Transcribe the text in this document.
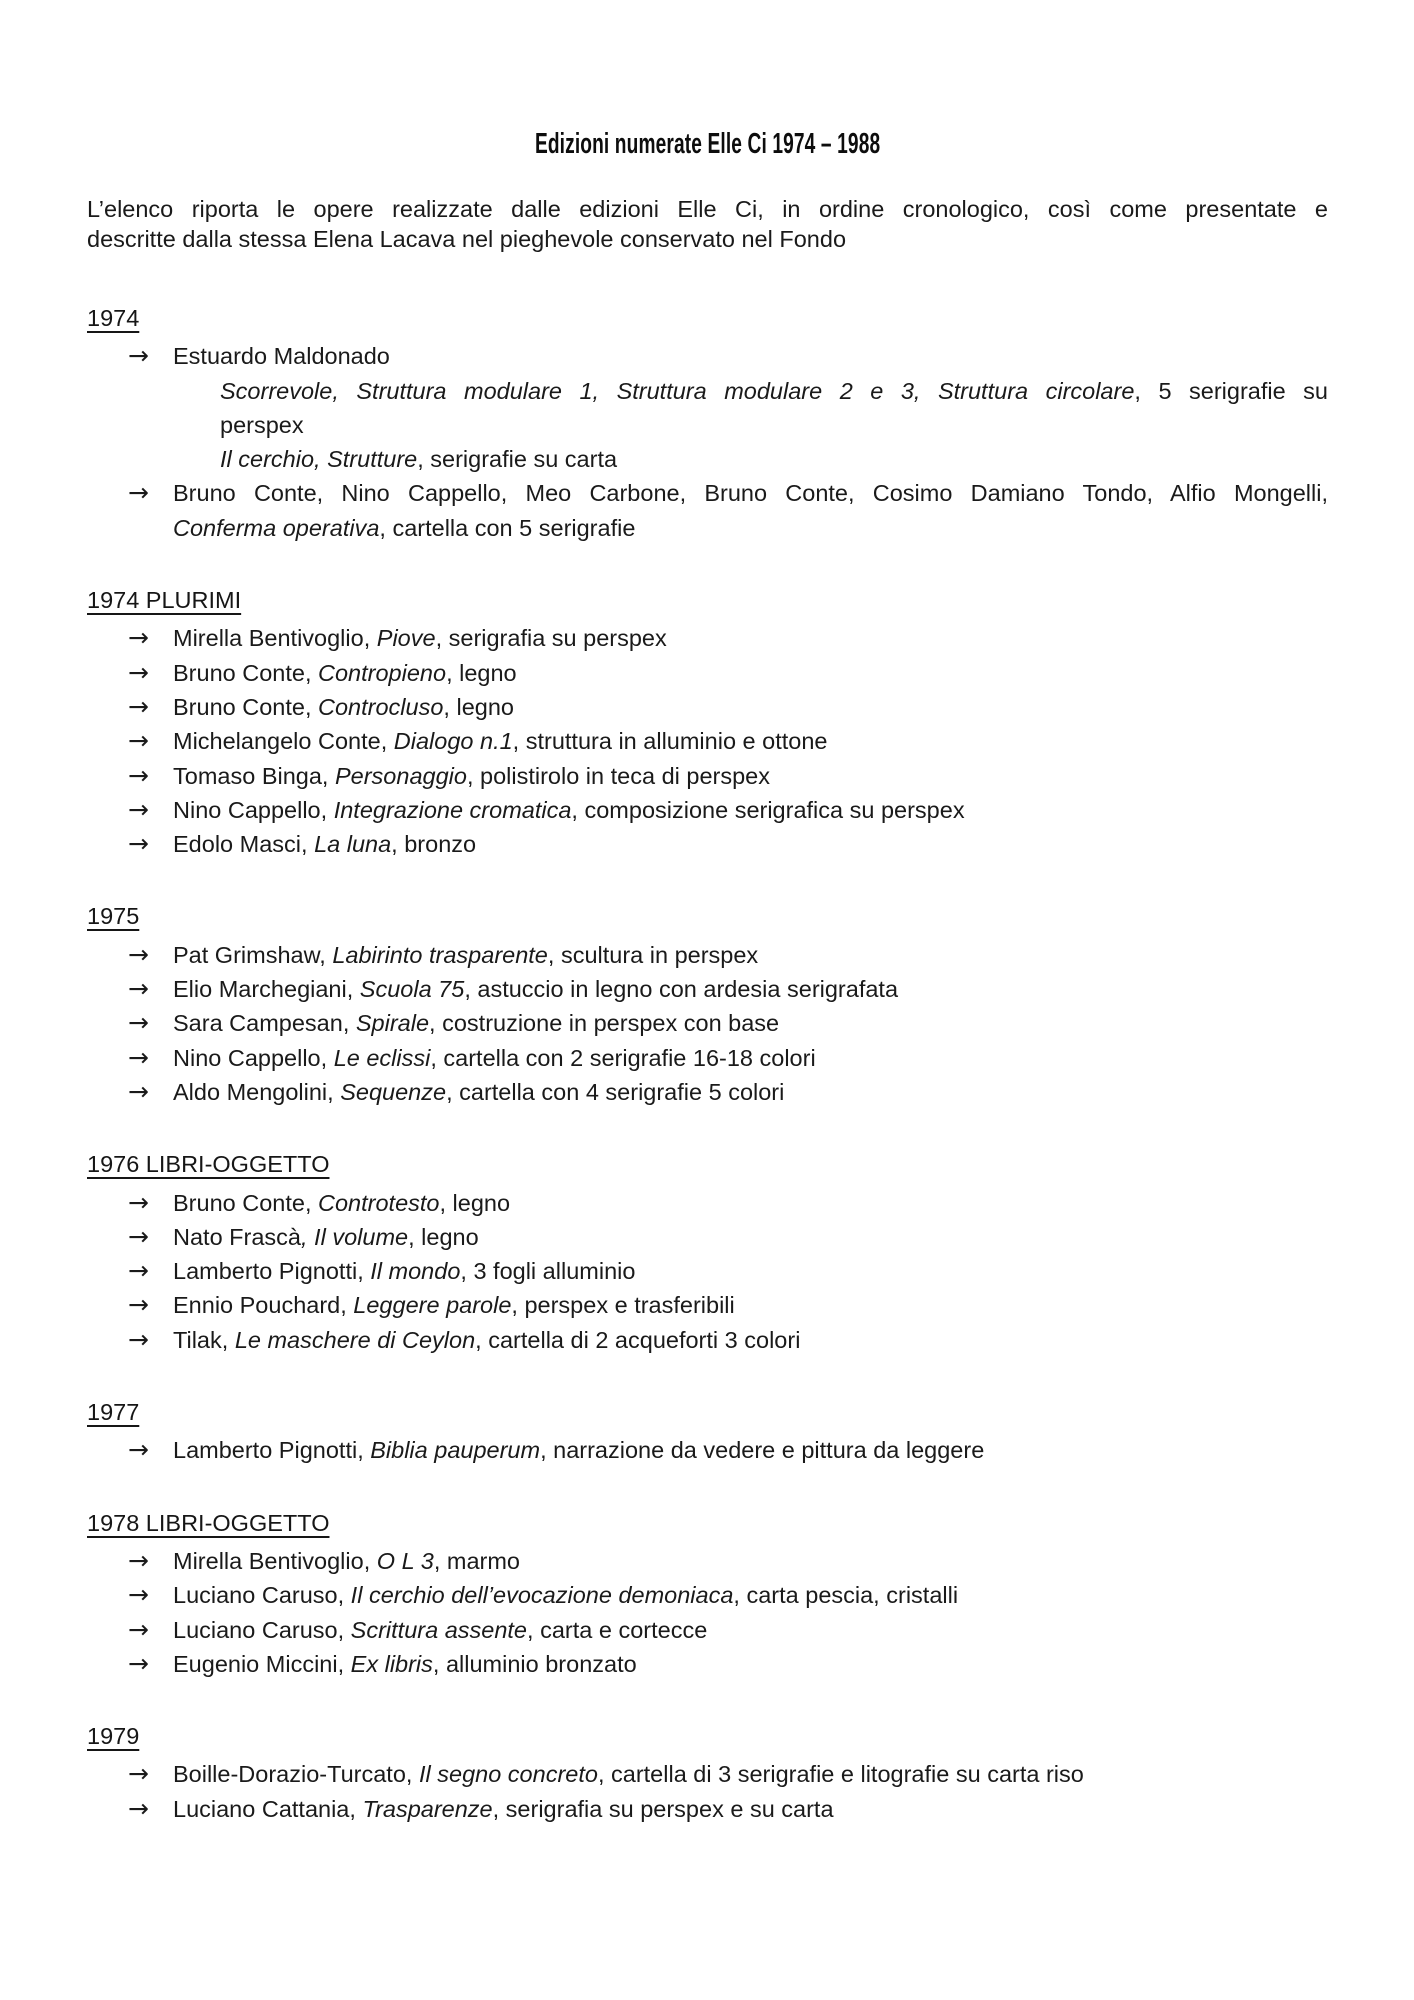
Edizioni numerate Elle Ci 1974 – 1988
L’elenco riporta le opere realizzate dalle edizioni Elle Ci, in ordine cronologico, così come presentate e
descritte dalla stessa Elena Lacava nel pieghevole conservato nel Fondo
1974
→ Estuardo Maldonado
Scorrevole, Struttura modulare 1, Struttura modulare 2 e 3, Struttura circolare, 5 serigrafie su
perspex
Il cerchio, Strutture, serigrafie su carta
→ Bruno Conte, Nino Cappello, Meo Carbone, Bruno Conte, Cosimo Damiano Tondo, Alfio Mongelli,
Conferma operativa, cartella con 5 serigrafie
1974 PLURIMI
→ Mirella Bentivoglio, Piove, serigrafia su perspex
→ Bruno Conte, Contropieno, legno
→ Bruno Conte, Controcluso, legno
→ Michelangelo Conte, Dialogo n.1, struttura in alluminio e ottone
→ Tomaso Binga, Personaggio, polistirolo in teca di perspex
→ Nino Cappello, Integrazione cromatica, composizione serigrafica su perspex
→ Edolo Masci, La luna, bronzo
1975
→ Pat Grimshaw, Labirinto trasparente, scultura in perspex
→ Elio Marchegiani, Scuola 75, astuccio in legno con ardesia serigrafata
→ Sara Campesan, Spirale, costruzione in perspex con base
→ Nino Cappello, Le eclissi, cartella con 2 serigrafie 16-18 colori
→ Aldo Mengolini, Sequenze, cartella con 4 serigrafie 5 colori
1976 LIBRI-OGGETTO
→ Bruno Conte, Controtesto, legno
→ Nato Frascà, Il volume, legno
→ Lamberto Pignotti, Il mondo, 3 fogli alluminio
→ Ennio Pouchard, Leggere parole, perspex e trasferibili
→ Tilak, Le maschere di Ceylon, cartella di 2 acqueforti 3 colori
1977
→ Lamberto Pignotti, Biblia pauperum, narrazione da vedere e pittura da leggere
1978 LIBRI-OGGETTO
→ Mirella Bentivoglio, O L 3, marmo
→ Luciano Caruso, Il cerchio dell’evocazione demoniaca, carta pescia, cristalli
→ Luciano Caruso, Scrittura assente, carta e cortecce
→ Eugenio Miccini, Ex libris, alluminio bronzato
1979
→ Boille-Dorazio-Turcato, Il segno concreto, cartella di 3 serigrafie e litografie su carta riso
→ Luciano Cattania, Trasparenze, serigrafia su perspex e su carta
